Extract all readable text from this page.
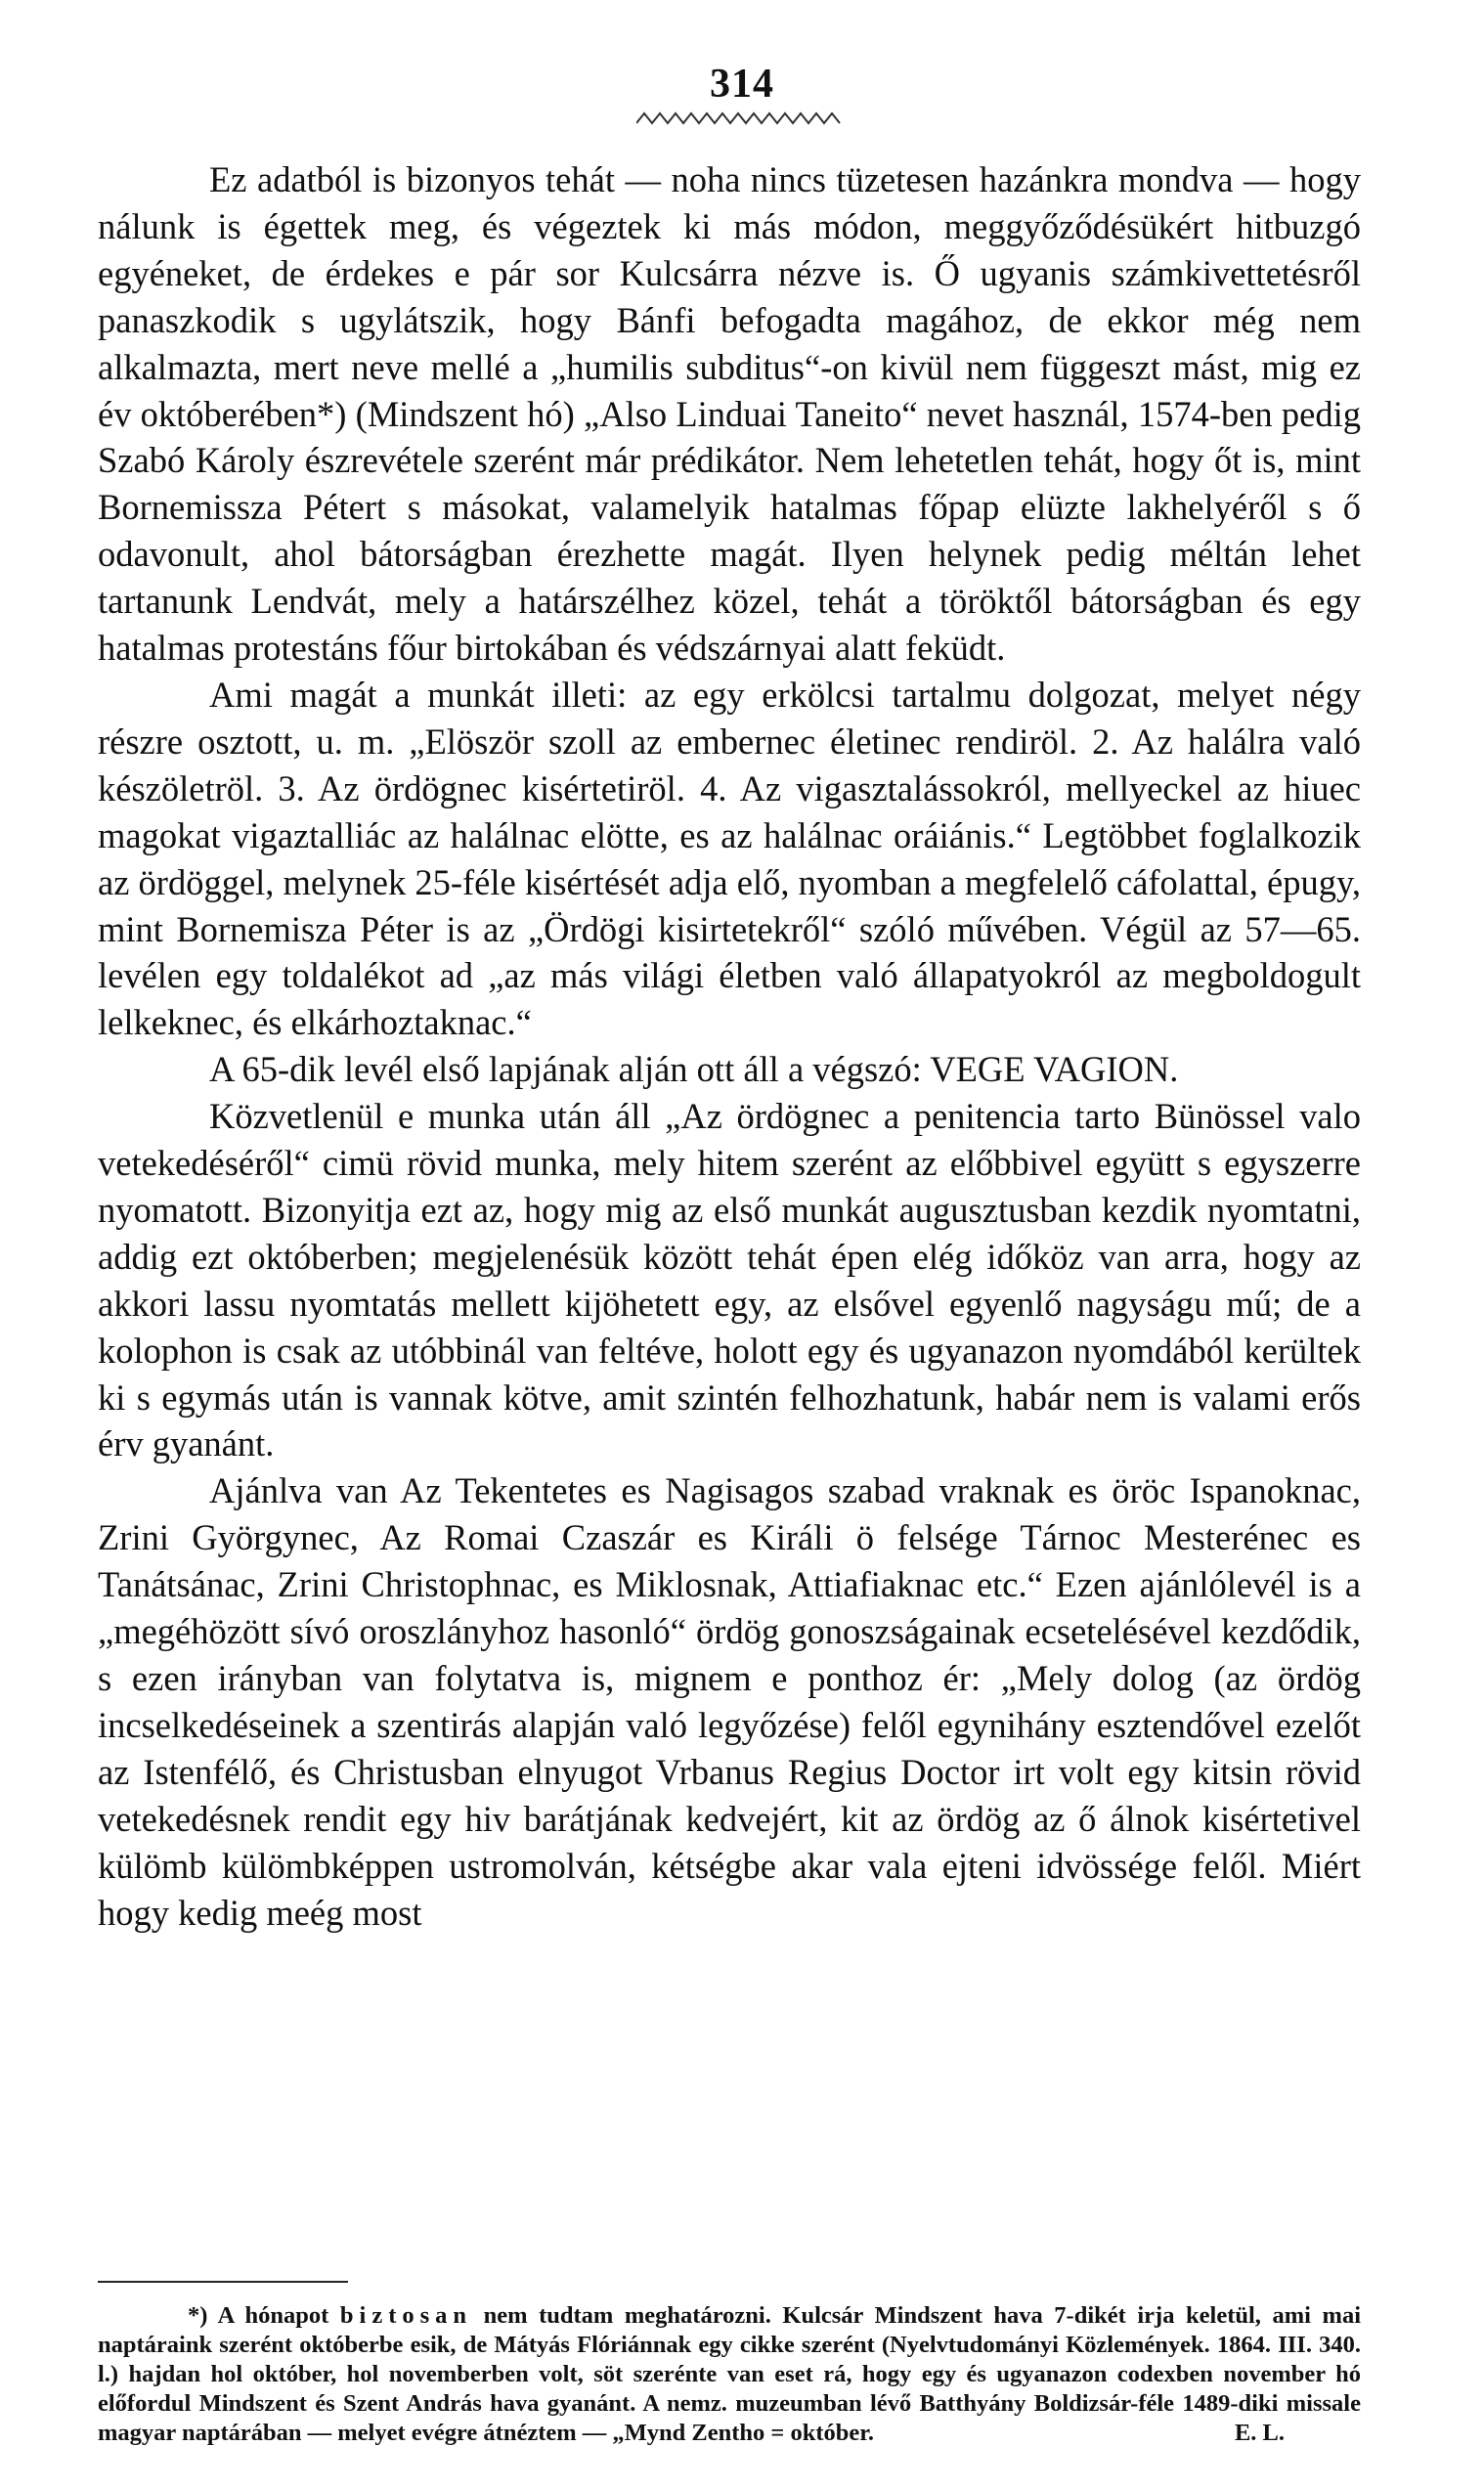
314

Ez adatból is bizonyos tehát — noha nincs tüzetesen hazánkra mondva — hogy nálunk is égettek meg, és végeztek ki más módon, meggyőződésükért hitbuzgó egyéneket, de érdekes e pár sor Kulcsárra nézve is. Ő ugyanis számkivettetésről panaszkodik s ugylátszik, hogy Bánfi befogadta magához, de ekkor még nem alkalmazta, mert neve mellé a „humilis subditus“-on kivül nem függeszt mást, mig ez év októberében*) (Mindszent hó) „Also Linduai Taneito“ nevet használ, 1574-ben pedig Szabó Károly észrevétele szerént már prédikátor. Nem lehetetlen tehát, hogy őt is, mint Bornemissza Pétert s másokat, valamelyik hatalmas főpap elüzte lakhelyéről s ő odavonult, ahol bátorságban érezhette magát. Ilyen helynek pedig méltán lehet tartanunk Lendvát, mely a határszélhez közel, tehát a töröktől bátorságban és egy hatalmas protestáns főur birtokában és védszárnyai alatt feküdt.

Ami magát a munkát illeti: az egy erkölcsi tartalmu dolgozat, melyet négy részre osztott, u. m. „Elöször szoll az embernec életinec rendiröl. 2. Az halálra való készöletröl. 3. Az ördögnec kisértetiröl. 4. Az vigasztalássokról, mellyeckel az hiuec magokat vigaztalliác az halálnac elötte, es az halálnac oráiánis.“ Legtöbbet foglalkozik az ördöggel, melynek 25-féle kisértését adja elő, nyomban a megfelelő cáfolattal, épugy, mint Bornemisza Péter is az „Ördögi kisirtetekről“ szóló művében. Végül az 57—65. levélen egy toldalékot ad „az más világi életben való állapatyokról az megboldogult lelkeknec, és elkárhoztaknac.“

A 65-dik levél első lapjának alján ott áll a végszó: VEGE VAGION.

Közvetlenül e munka után áll „Az ördögnec a penitencia tarto Bünössel valo vetekedéséről“ cimü rövid munka, mely hitem szerént az előbbivel együtt s egyszerre nyomatott. Bizonyitja ezt az, hogy mig az első munkát augusztusban kezdik nyomtatni, addig ezt októberben; megjelenésük között tehát épen elég időköz van arra, hogy az akkori lassu nyomtatás mellett kijöhetett egy, az elsővel egyenlő nagyságu mű; de a kolophon is csak az utóbbinál van feltéve, holott egy és ugyanazon nyomdából kerültek ki s egymás után is vannak kötve, amit szintén felhozhatunk, habár nem is valami erős érv gyanánt.

Ajánlva van Az Tekentetes es Nagisagos szabad vraknak es öröc Ispanoknac, Zrini Györgynec, Az Romai Czaszár es Királi ö felsége Tárnoc Mesterénec es Tanátsánac, Zrini Christophnac, es Miklosnak, Attiafiaknac etc.“ Ezen ajánlólevél is a „megéhözött sívó oroszlányhoz hasonló“ ördög gonoszságainak ecsetelésével kezdődik, s ezen irányban van folytatva is, mignem e ponthoz ér: „Mely dolog (az ördög incselkedéseinek a szentirás alapján való legyőzése) felől egynihány esztendővel ezelőt az Istenfélő, és Christusban elnyugot Vrbanus Regius Doctor irt volt egy kitsin rövid vetekedésnek rendit egy hiv barátjának kedvejért, kit az ördög az ő álnok kisértetivel külömb külömbképpen ustromolván, kétségbe akar vala ejteni idvössége felől. Miért hogy kedig meég most

*) A hónapot biztosan nem tudtam meghatározni. Kulcsár Mindszent hava 7-dikét irja keletül, ami mai naptáraink szerént októberbe esik, de Mátyás Flóriánnak egy cikke szerént (Nyelvtudományi Közlemények. 1864. III. 340. l.) hajdan hol október, hol novemberben volt, söt szerénte van eset rá, hogy egy és ugyanazon codexben november hó előfordul Mindszent és Szent András hava gyanánt. A nemz. muzeumban lévő Batthyány Boldizsár-féle 1489-diki missale magyar naptárában — melyet evégre átnéztem — „Mynd Zentho = október.	E. L.
